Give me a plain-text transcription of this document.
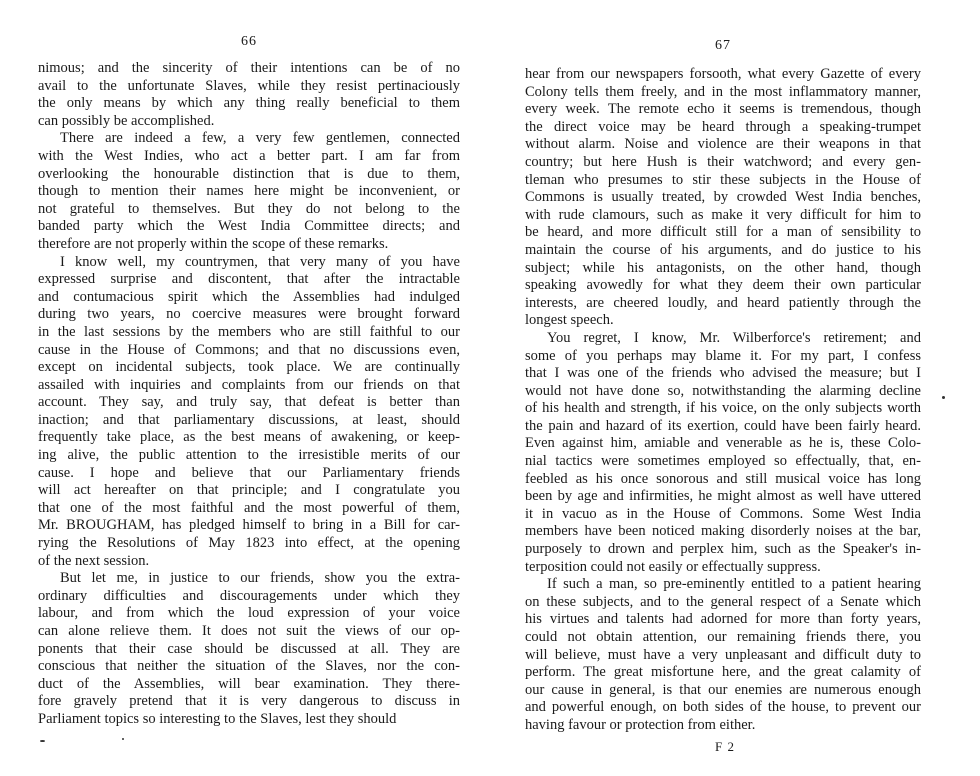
66
nimous; and the sincerity of their intentions can be of no
avail to the unfortunate Slaves, while they resist pertinaciously
the only means by which any thing really beneficial to them
can possibly be accomplished.
There are indeed a few, a very few gentlemen, connected
with the West Indies, who act a better part. I am far from
overlooking the honourable distinction that is due to them,
though to mention their names here might be inconvenient, or
not grateful to themselves. But they do not belong to the
banded party which the West India Committee directs; and
therefore are not properly within the scope of these remarks.
I know well, my countrymen, that very many of you have
expressed surprise and discontent, that after the intractable
and contumacious spirit which the Assemblies had indulged
during two years, no coercive measures were brought forward
in the last sessions by the members who are still faithful to our
cause in the House of Commons; and that no discussions even,
except on incidental subjects, took place. We are continually
assailed with inquiries and complaints from our friends on that
account. They say, and truly say, that defeat is better than
inaction; and that parliamentary discussions, at least, should
frequently take place, as the best means of awakening, or keep-
ing alive, the public attention to the irresistible merits of our
cause. I hope and believe that our Parliamentary friends
will act hereafter on that principle; and I congratulate you
that one of the most faithful and the most powerful of them,
Mr. BROUGHAM, has pledged himself to bring in a Bill for car-
rying the Resolutions of May 1823 into effect, at the opening
of the next session.
But let me, in justice to our friends, show you the extra-
ordinary difficulties and discouragements under which they
labour, and from which the loud expression of your voice
can alone relieve them. It does not suit the views of our op-
ponents that their case should be discussed at all. They are
conscious that neither the situation of the Slaves, nor the con-
duct of the Assemblies, will bear examination. They there-
fore gravely pretend that it is very dangerous to discuss in
Parliament topics so interesting to the Slaves, lest they should
67
hear from our newspapers forsooth, what every Gazette of every
Colony tells them freely, and in the most inflammatory manner,
every week. The remote echo it seems is tremendous, though
the direct voice may be heard through a speaking-trumpet
without alarm. Noise and violence are their weapons in that
country; but here Hush is their watchword; and every gen-
tleman who presumes to stir these subjects in the House of
Commons is usually treated, by crowded West India benches,
with rude clamours, such as make it very difficult for him to
be heard, and more difficult still for a man of sensibility to
maintain the course of his arguments, and do justice to his
subject; while his antagonists, on the other hand, though
speaking avowedly for what they deem their own particular
interests, are cheered loudly, and heard patiently through the
longest speech.
You regret, I know, Mr. Wilberforce's retirement; and
some of you perhaps may blame it. For my part, I confess
that I was one of the friends who advised the measure; but I
would not have done so, notwithstanding the alarming decline
of his health and strength, if his voice, on the only subjects worth
the pain and hazard of its exertion, could have been fairly heard.
Even against him, amiable and venerable as he is, these Colo-
nial tactics were sometimes employed so effectually, that, en-
feebled as his once sonorous and still musical voice has long
been by age and infirmities, he might almost as well have uttered
it in vacuo as in the House of Commons. Some West India
members have been noticed making disorderly noises at the bar,
purposely to drown and perplex him, such as the Speaker's in-
terposition could not easily or effectually suppress.
If such a man, so pre-eminently entitled to a patient hearing
on these subjects, and to the general respect of a Senate which
his virtues and talents had adorned for more than forty years,
could not obtain attention, our remaining friends there, you
will believe, must have a very unpleasant and difficult duty to
perform. The great misfortune here, and the great calamity of
our cause in general, is that our enemies are numerous enough
and powerful enough, on both sides of the house, to prevent our
having favour or protection from either.
F 2
